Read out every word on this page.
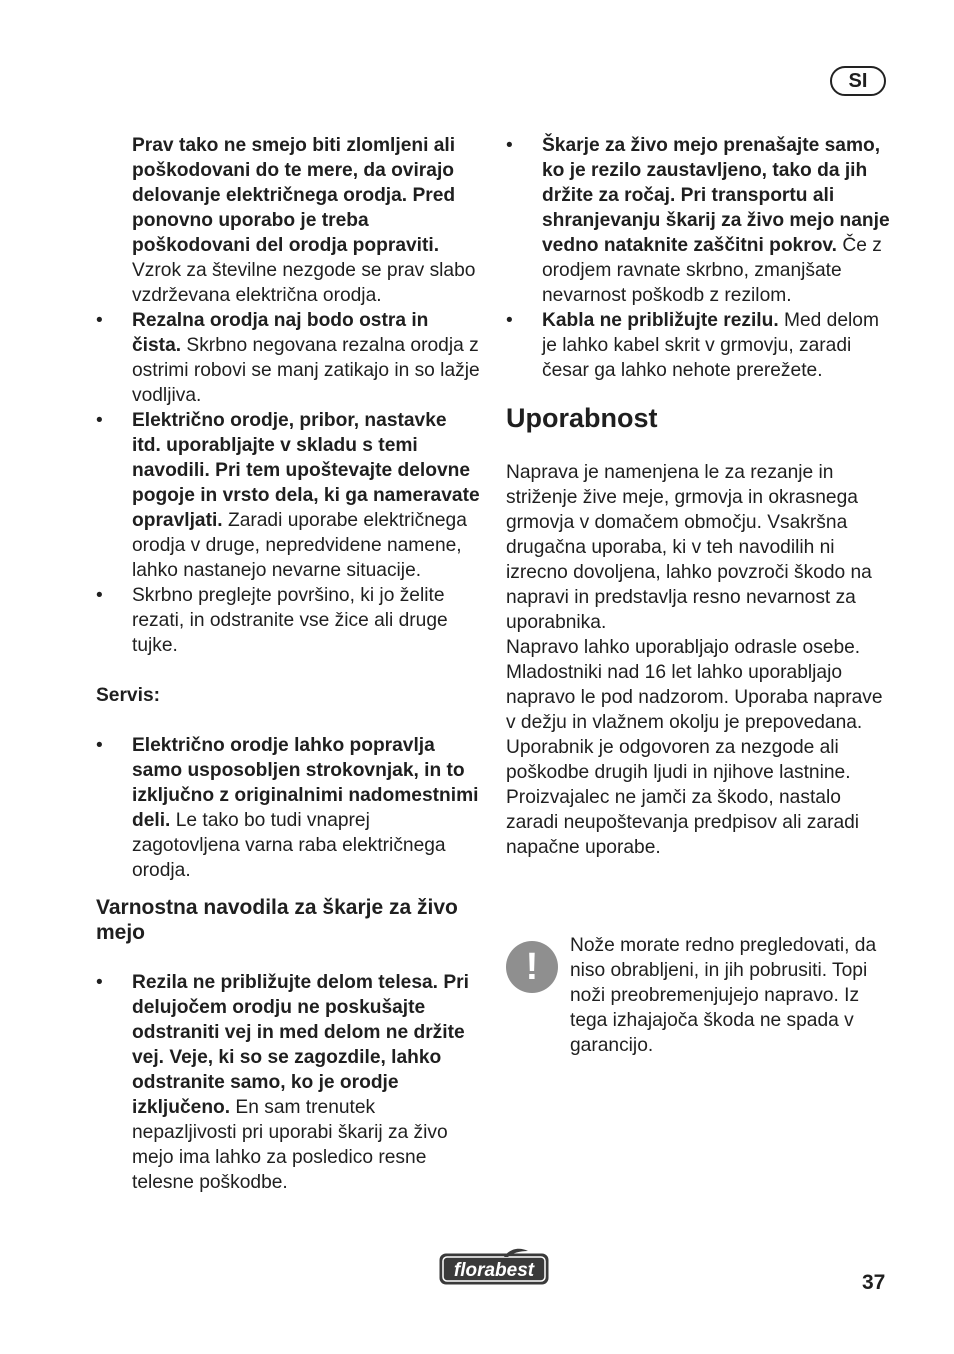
SI
Prav tako ne smejo biti zlomljeni ali poškodovani do te mere, da ovirajo delovanje električnega orodja. Pred ponovno uporabo je treba poškodovani del orodja popraviti. Vzrok za številne nezgode se prav slabo vzdrževana električna orodja.
• Rezalna orodja naj bodo ostra in čista. Skrbno negovana rezalna orodja z ostrimi robovi se manj zatikajo in so lažje vodljiva.
• Električno orodje, pribor, nastavke itd. uporabljajte v skladu s temi navodili. Pri tem upoštevajte delovne pogoje in vrsto dela, ki ga nameravate opravljati. Zaradi uporabe električnega orodja v druge, nepredvidene namene, lahko nastanejo nevarne situacije.
• Skrbno preglejte površino, ki jo želite rezati, in odstranite vse žice ali druge tujke.
Servis:
• Električno orodje lahko popravlja samo usposobljen strokovnjak, in to izključno z originalnimi nadomestnimi deli. Le tako bo tudi vnaprej zagotovljena varna raba električnega orodja.
Varnostna navodila za škarje za živo mejo
• Rezila ne približujte delom telesa. Pri delujočem orodju ne poskušajte odstraniti vej in med delom ne držite vej. Veje, ki so se zagozdile, lahko odstranite samo, ko je orodje izključeno. En sam trenutek nepazljivosti pri uporabi škarij za živo mejo ima lahko za posledico resne telesne poškodbe.
• Škarje za živo mejo prenašajte samo, ko je rezilo zaustavljeno, tako da jih držite za ročaj. Pri transportu ali shranjevanju škarij za živo mejo nanje vedno nataknite zaščitni pokrov. Če z orodjem ravnate skrbno, zmanjšate nevarnost poškodb z rezilom.
• Kabla ne približujte rezilu. Med delom je lahko kabel skrit v grmovju, zaradi česar ga lahko nehote prerežete.
Uporabnost

Naprava je namenjena le za rezanje in striženje žive meje, grmovja in okrasnega grmovja v domačem območju. Vsakršna drugačna uporaba, ki v teh navodilih ni izrecno dovoljena, lahko povzroči škodo na napravi in predstavlja resno nevarnost za uporabnika.

Napravo lahko uporabljajo odrasle osebe. Mladostniki nad 16 let lahko uporabljajo napravo le pod nadzorom. Uporaba naprave v dežju in vlažnem okolju je prepovedana.

Uporabnik je odgovoren za nezgode ali poškodbe drugih ljudi in njihove lastnine. Proizvajalec ne jamči za škodo, nastalo zaradi neupoštevanja predpisov ali zaradi napačne uporabe.

!
Nože morate redno pregledovati, da niso obrabljeni, in jih pobrusiti. Topi noži preobremenjujejo napravo. Iz tega izhajajoča škoda ne spada v garancijo.
florabest
37
